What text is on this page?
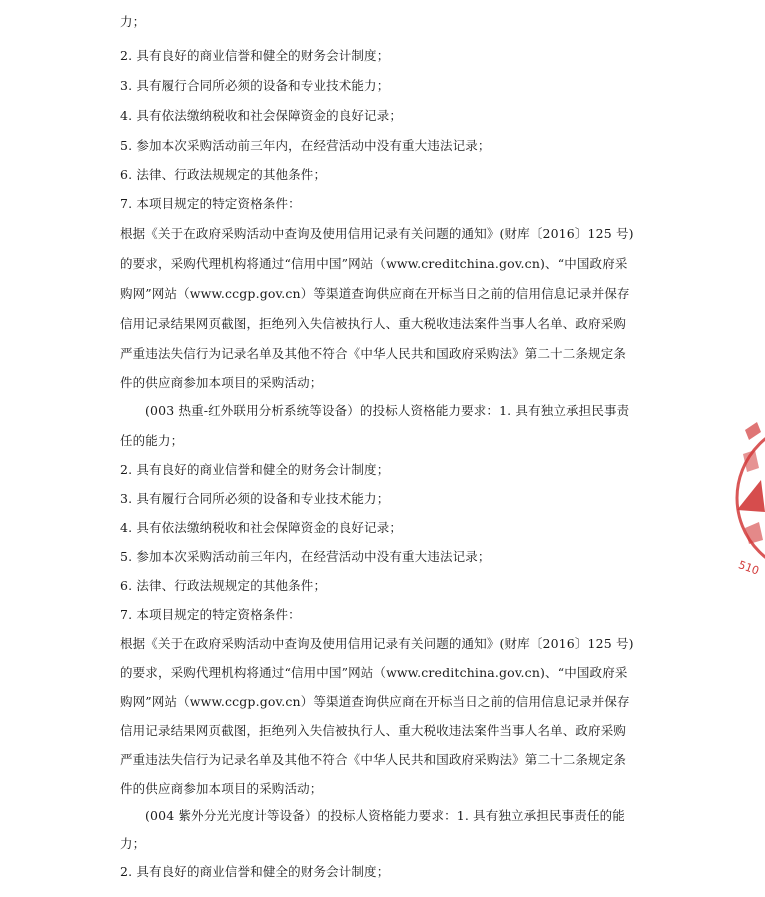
力；
2. 具有良好的商业信誉和健全的财务会计制度；
3. 具有履行合同所必须的设备和专业技术能力；
4. 具有依法缴纳税收和社会保障资金的良好记录；
5. 参加本次采购活动前三年内，在经营活动中没有重大违法记录；
6. 法律、行政法规规定的其他条件；
7. 本项目规定的特定资格条件：
根据《关于在政府采购活动中查询及使用信用记录有关问题的通知》(财库〔2016〕125 号)
的要求，采购代理机构将通过“信用中国”网站（www.creditchina.gov.cn)、“中国政府采
购网”网站（www.ccgp.gov.cn）等渠道查询供应商在开标当日之前的信用信息记录并保存
信用记录结果网页截图，拒绝列入失信被执行人、重大税收违法案件当事人名单、政府采购
严重违法失信行为记录名单及其他不符合《中华人民共和国政府采购法》第二十二条规定条
件的供应商参加本项目的采购活动；
(003 热重-红外联用分析系统等设备）的投标人资格能力要求：1. 具有独立承担民事责
任的能力；
2. 具有良好的商业信誉和健全的财务会计制度；
3. 具有履行合同所必须的设备和专业技术能力；
4. 具有依法缴纳税收和社会保障资金的良好记录；
5. 参加本次采购活动前三年内，在经营活动中没有重大违法记录；
6. 法律、行政法规规定的其他条件；
7. 本项目规定的特定资格条件：
根据《关于在政府采购活动中查询及使用信用记录有关问题的通知》(财库〔2016〕125 号)
的要求，采购代理机构将通过“信用中国”网站（www.creditchina.gov.cn)、“中国政府采
购网”网站（www.ccgp.gov.cn）等渠道查询供应商在开标当日之前的信用信息记录并保存
信用记录结果网页截图，拒绝列入失信被执行人、重大税收违法案件当事人名单、政府采购
严重违法失信行为记录名单及其他不符合《中华人民共和国政府采购法》第二十二条规定条
件的供应商参加本项目的采购活动；
(004 紫外分光光度计等设备）的投标人资格能力要求：1. 具有独立承担民事责任的能
力；
2. 具有良好的商业信誉和健全的财务会计制度；
510
